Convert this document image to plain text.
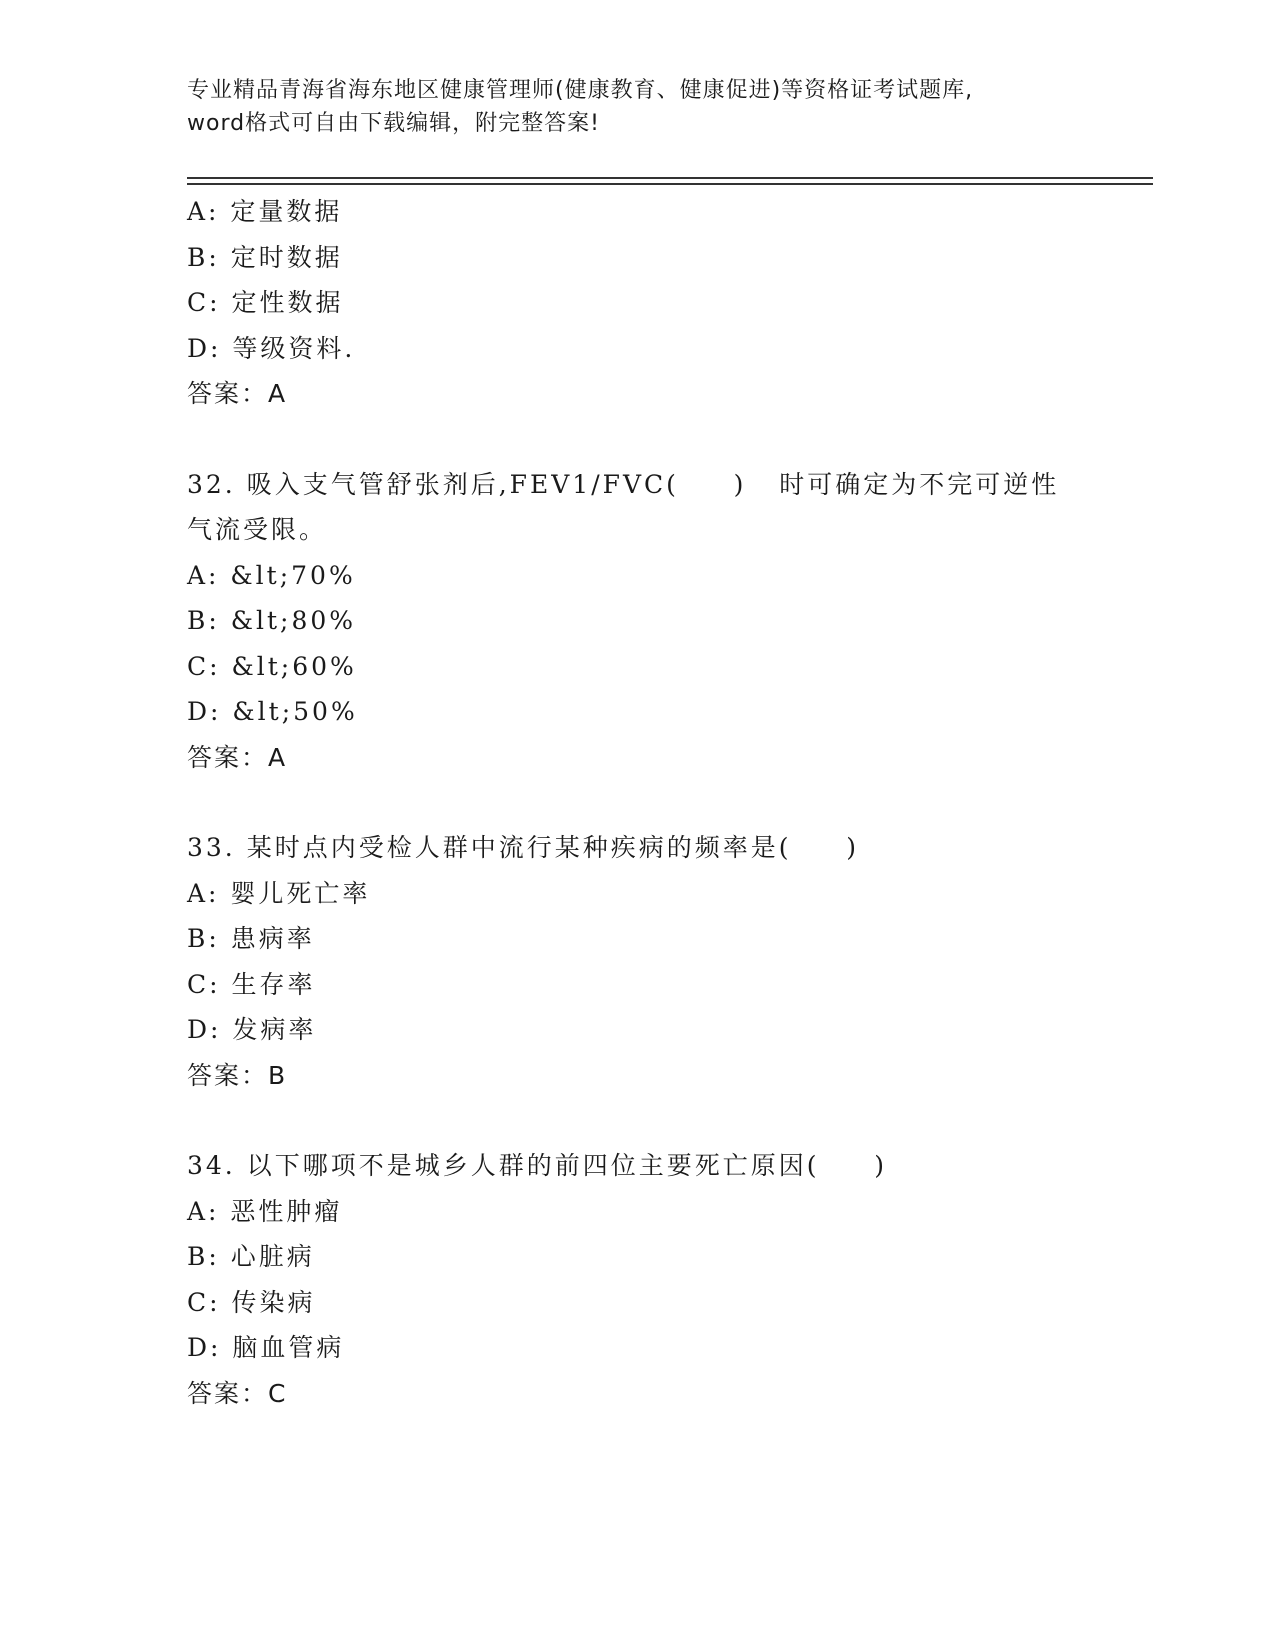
专业精品青海省海东地区健康管理师(健康教育、健康促进)等资格证考试题库,
word格式可自由下载编辑，附完整答案!
A: 定量数据
B: 定时数据
C: 定性数据
D: 等级资料.
答案：A
32. 吸入支气管舒张剂后,FEV1/FVC(     )   时可确定为不完可逆性
气流受限。
A: &lt;70%
B: &lt;80%
C: &lt;60%
D: &lt;50%
答案：A
33. 某时点内受检人群中流行某种疾病的频率是(     )
A: 婴儿死亡率
B: 患病率
C: 生存率
D: 发病率
答案：B
34. 以下哪项不是城乡人群的前四位主要死亡原因(     )
A: 恶性肿瘤
B: 心脏病
C: 传染病
D: 脑血管病
答案：C
